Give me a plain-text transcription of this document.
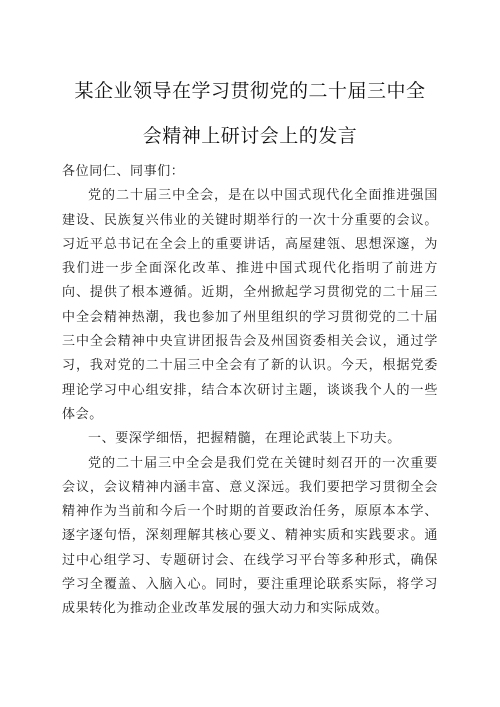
某企业领导在学习贯彻党的二十届三中全
会精神上研讨会上的发言

各位同仁、同事们：

党的二十届三中全会，是在以中国式现代化全面推进强国建设、民族复兴伟业的关键时期举行的一次十分重要的会议。习近平总书记在全会上的重要讲话，高屋建瓴、思想深邃，为我们进一步全面深化改革、推进中国式现代化指明了前进方向、提供了根本遵循。近期，全州掀起学习贯彻党的二十届三中全会精神热潮，我也参加了州里组织的学习贯彻党的二十届三中全会精神中央宣讲团报告会及州国资委相关会议，通过学习，我对党的二十届三中全会有了新的认识。今天，根据党委理论学习中心组安排，结合本次研讨主题，谈谈我个人的一些体会。

一、要深学细悟，把握精髓，在理论武装上下功夫。

党的二十届三中全会是我们党在关键时刻召开的一次重要会议，会议精神内涵丰富、意义深远。我们要把学习贯彻全会精神作为当前和今后一个时期的首要政治任务，原原本本学、逐字逐句悟，深刻理解其核心要义、精神实质和实践要求。通过中心组学习、专题研讨会、在线学习平台等多种形式，确保学习全覆盖、入脑入心。同时，要注重理论联系实际，将学习成果转化为推动企业改革发展的强大动力和实际成效。
